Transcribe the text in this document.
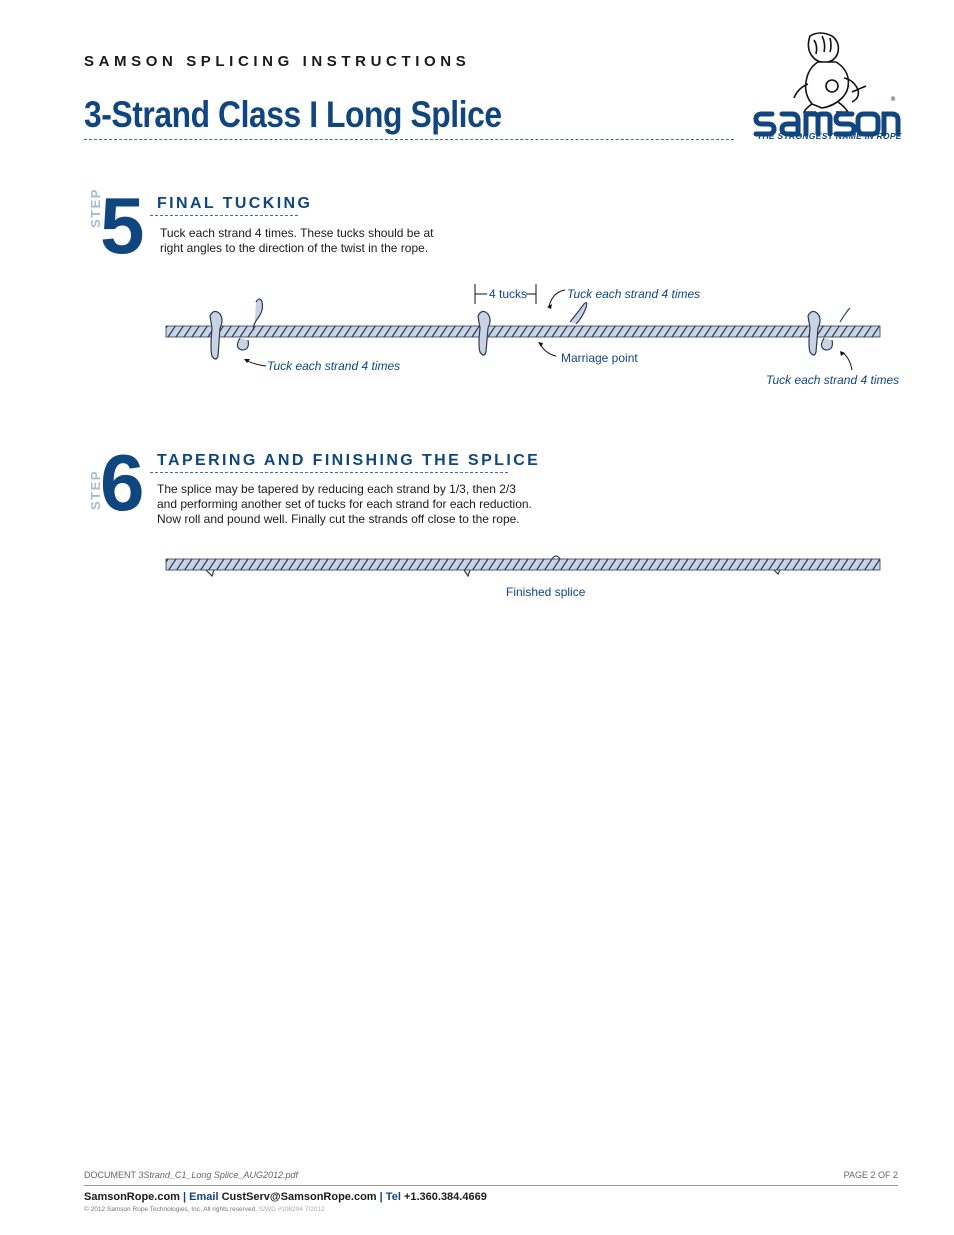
SAMSON SPLICING INSTRUCTIONS
3-Strand Class I Long Splice	®
THE STRONGEST NAME IN ROPE
STEP
5 FINAL TUCKING
Tuck each strand 4 times. These tucks should be at
right angles to the direction of the twist in the rope.
4 tucks	Tuck each strand 4 times
Tuck each strand 4 times
Marriage point
Tuck each strand 4 times
STEP
6 TAPERING AND FINISHING THE SPLICE
The splice may be tapered by reducing each strand by 1/3, then 2/3
and performing another set of tucks for each strand for each reduction.
Now roll and pound well. Finally cut the strands off close to the rope.
Finished splice
DOCUMENT 3Strand_C1_Long Splice_AUG2012.pdf	PAGE 2 OF 2
SamsonRope.com | Email CustServ@SamsonRope.com | Tel +1.360.384.4669
© 2012 Samson Rope Technologies, Inc. All rights reserved. S/WD #108294 7/2012
